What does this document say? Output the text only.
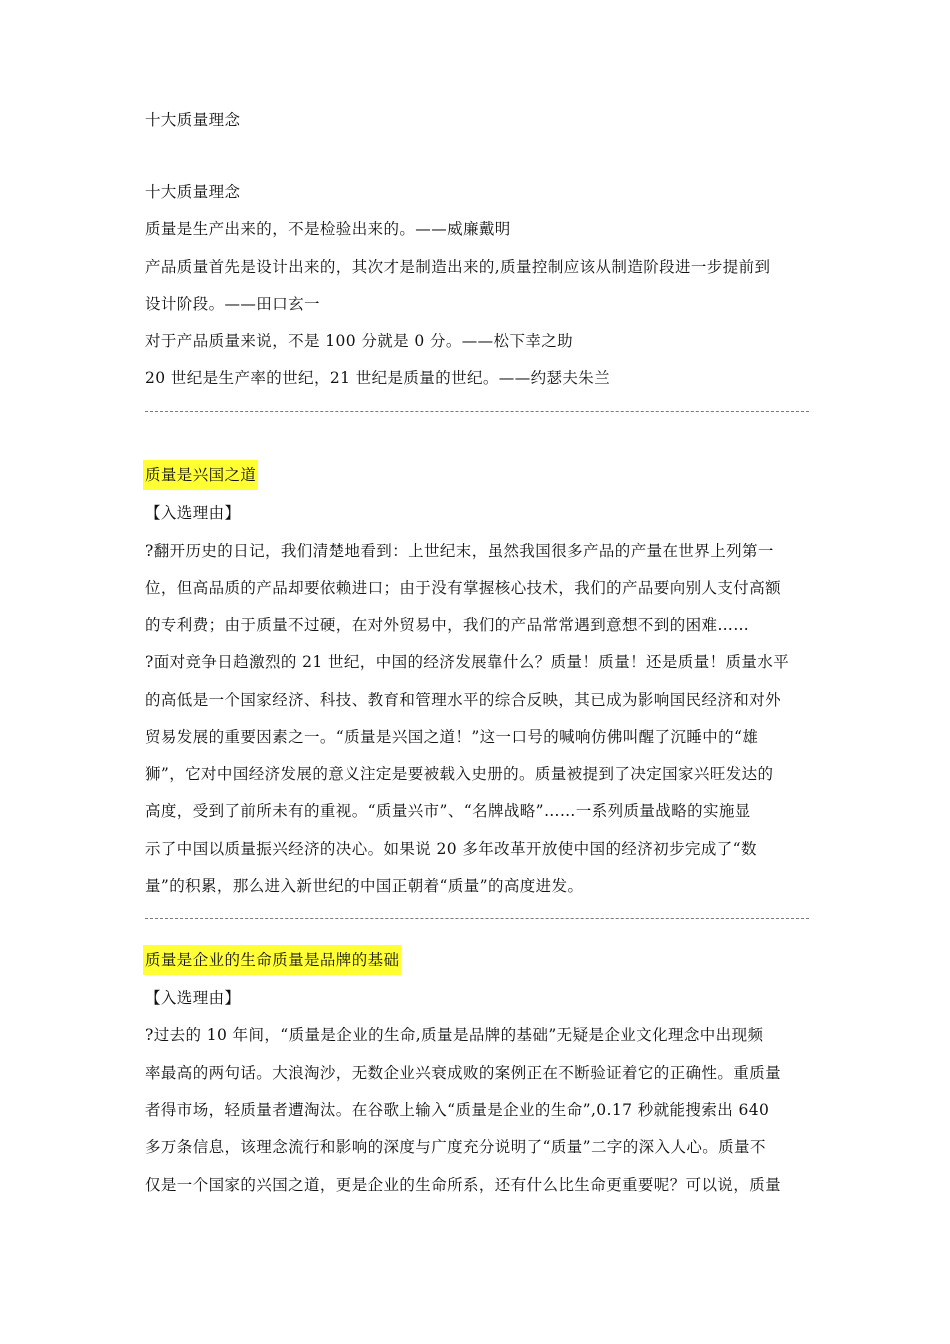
十大质量理念
十大质量理念
质量是生产出来的，不是检验出来的。——威廉戴明
产品质量首先是设计出来的，其次才是制造出来的,质量控制应该从制造阶段进一步提前到
设计阶段。——田口玄一
对于产品质量来说，不是 100 分就是 0 分。——松下幸之助
20 世纪是生产率的世纪，21 世纪是质量的世纪。——约瑟夫朱兰
质量是兴国之道
【入选理由】
?翻开历史的日记，我们清楚地看到：上世纪末，虽然我国很多产品的产量在世界上列第一
位，但高品质的产品却要依赖进口；由于没有掌握核心技术，我们的产品要向别人支付高额
的专利费；由于质量不过硬，在对外贸易中，我们的产品常常遇到意想不到的困难……
?面对竞争日趋激烈的 21 世纪，中国的经济发展靠什么？质量！质量！还是质量！质量水平
的高低是一个国家经济、科技、教育和管理水平的综合反映，其已成为影响国民经济和对外
贸易发展的重要因素之一。“质量是兴国之道！”这一口号的喊响仿佛叫醒了沉睡中的“雄
狮”，它对中国经济发展的意义注定是要被载入史册的。质量被提到了决定国家兴旺发达的
高度，受到了前所未有的重视。“质量兴市”、“名牌战略”……一系列质量战略的实施显
示了中国以质量振兴经济的决心。如果说 20 多年改革开放使中国的经济初步完成了“数
量”的积累，那么进入新世纪的中国正朝着“质量”的高度进发。
质量是企业的生命质量是品牌的基础
【入选理由】
?过去的 10 年间，“质量是企业的生命,质量是品牌的基础”无疑是企业文化理念中出现频
率最高的两句话。大浪淘沙，无数企业兴衰成败的案例正在不断验证着它的正确性。重质量
者得市场，轻质量者遭淘汰。在谷歌上输入“质量是企业的生命”,0.17 秒就能搜索出 640
多万条信息，该理念流行和影响的深度与广度充分说明了“质量”二字的深入人心。质量不
仅是一个国家的兴国之道，更是企业的生命所系，还有什么比生命更重要呢？可以说，质量
